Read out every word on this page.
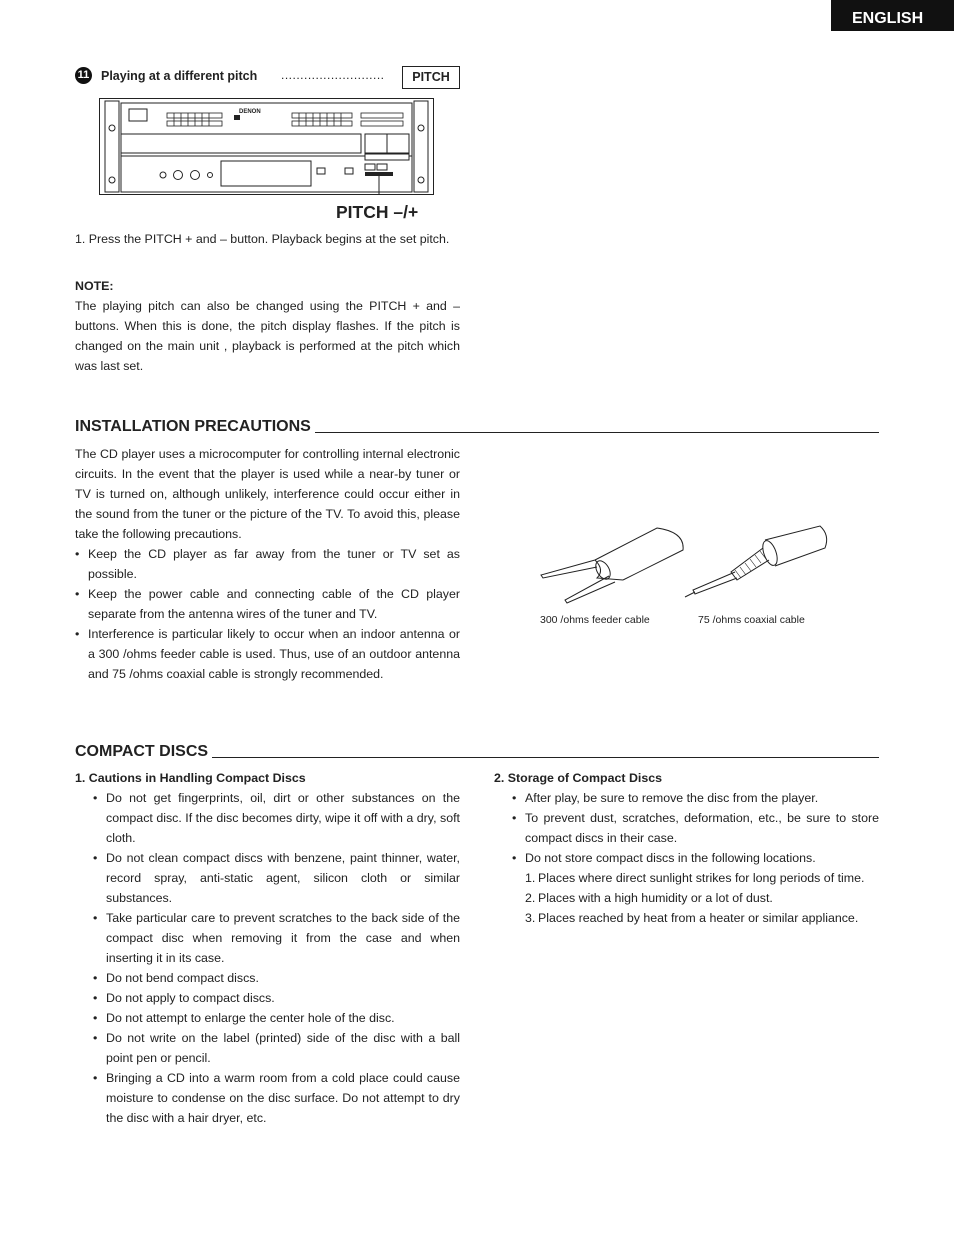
ENGLISH
11 Playing at a different pitch ...........................	PITCH
DENON
PITCH –/+
1. Press the PITCH + and – button. Playback begins at the set pitch.
NOTE:
The playing pitch can also be changed using the PITCH + and – buttons. When this is done, the pitch display flashes. If the pitch is changed on the main unit , playback is performed at the pitch which was last set.
INSTALLATION PRECAUTIONS

The CD player uses a microcomputer for controlling internal electronic circuits. In the event that the player is used while a near-by tuner or TV is turned on, although unlikely, interference could occur either in the sound from the tuner or the picture of the TV. To avoid this, please take the following precautions.

• Keep the CD player as far away from the tuner or TV set as possible.
• Keep the power cable and connecting cable of the CD player separate from the antenna wires of the tuner and TV.
• Interference is particular likely to occur when an indoor antenna or a 300 /ohms feeder cable is used. Thus, use of an outdoor antenna and 75 /ohms coaxial cable is strongly recommended.
300 /ohms feeder cable	75 /ohms coaxial cable
COMPACT DISCS
1. Cautions in Handling Compact Discs
• Do not get fingerprints, oil, dirt or other substances on the compact disc. If the disc becomes dirty, wipe it off with a dry, soft cloth.
• Do not clean compact discs with benzene, paint thinner, water, record spray, anti-static agent, silicon cloth or similar substances.
• Take particular care to prevent scratches to the back side of the compact disc when removing it from the case and when inserting it in its case.
• Do not bend compact discs.
• Do not apply to compact discs.
• Do not attempt to enlarge the center hole of the disc.
• Do not write on the label (printed) side of the disc with a ball point pen or pencil.
• Bringing a CD into a warm room from a cold place could cause moisture to condense on the disc surface. Do not attempt to dry the disc with a hair dryer, etc.
2. Storage of Compact Discs
• After play, be sure to remove the disc from the player.
• To prevent dust, scratches, deformation, etc., be sure to store compact discs in their case.
• Do not store compact discs in the following locations.
1. Places where direct sunlight strikes for long periods of time.
2. Places with a high humidity or a lot of dust.
3. Places reached by heat from a heater or similar appliance.
